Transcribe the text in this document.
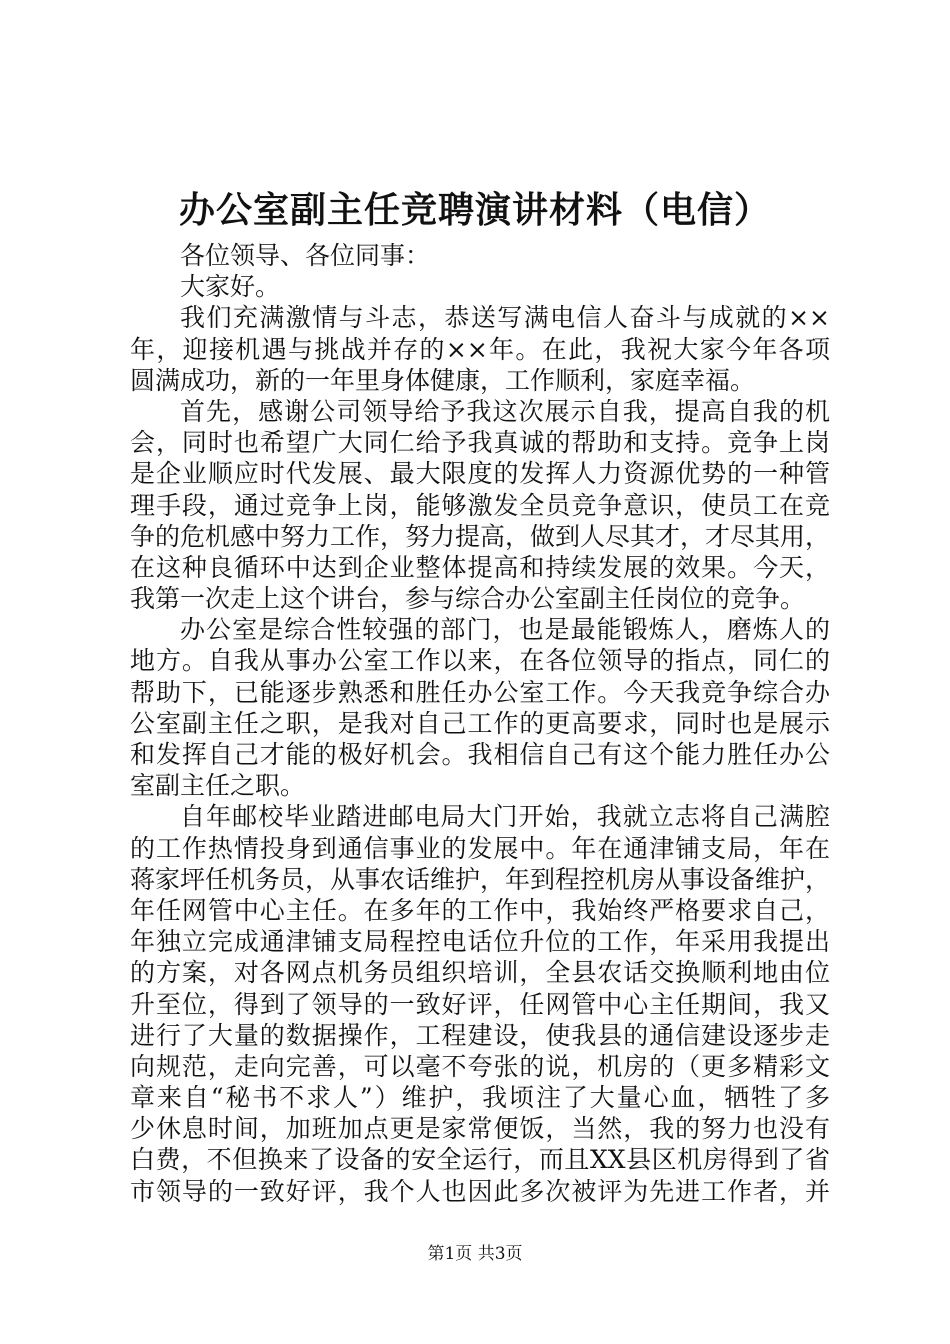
办公室副主任竞聘演讲材料（电信）
各位领导、各位同事：
大家好。
我们充满激情与斗志，恭送写满电信人奋斗与成就的××
年，迎接机遇与挑战并存的××年。在此，我祝大家今年各项
圆满成功，新的一年里身体健康，工作顺利，家庭幸福。
首先，感谢公司领导给予我这次展示自我，提高自我的机
会，同时也希望广大同仁给予我真诚的帮助和支持。竞争上岗
是企业顺应时代发展、最大限度的发挥人力资源优势的一种管
理手段，通过竞争上岗，能够激发全员竞争意识，使员工在竞
争的危机感中努力工作，努力提高，做到人尽其才，才尽其用，
在这种良循环中达到企业整体提高和持续发展的效果。今天，
我第一次走上这个讲台，参与综合办公室副主任岗位的竞争。
办公室是综合性较强的部门，也是最能锻炼人，磨炼人的
地方。自我从事办公室工作以来，在各位领导的指点，同仁的
帮助下，已能逐步熟悉和胜任办公室工作。今天我竞争综合办
公室副主任之职，是我对自己工作的更高要求，同时也是展示
和发挥自己才能的极好机会。我相信自己有这个能力胜任办公
室副主任之职。
自年邮校毕业踏进邮电局大门开始，我就立志将自己满腔
的工作热情投身到通信事业的发展中。年在通津铺支局，年在
蒋家坪任机务员，从事农话维护，年到程控机房从事设备维护，
年任网管中心主任。在多年的工作中，我始终严格要求自己，
年独立完成通津铺支局程控电话位升位的工作，年采用我提出
的方案，对各网点机务员组织培训，全县农话交换顺利地由位
升至位，得到了领导的一致好评，任网管中心主任期间，我又
进行了大量的数据操作，工程建设，使我县的通信建设逐步走
向规范，走向完善，可以毫不夸张的说，机房的（更多精彩文
章来自“秘书不求人”）维护，我顷注了大量心血，牺牲了多
少休息时间，加班加点更是家常便饭，当然，我的努力也没有
白费，不但换来了设备的安全运行，而且XX县区机房得到了省
市领导的一致好评，我个人也因此多次被评为先进工作者，并
第1页 共3页
